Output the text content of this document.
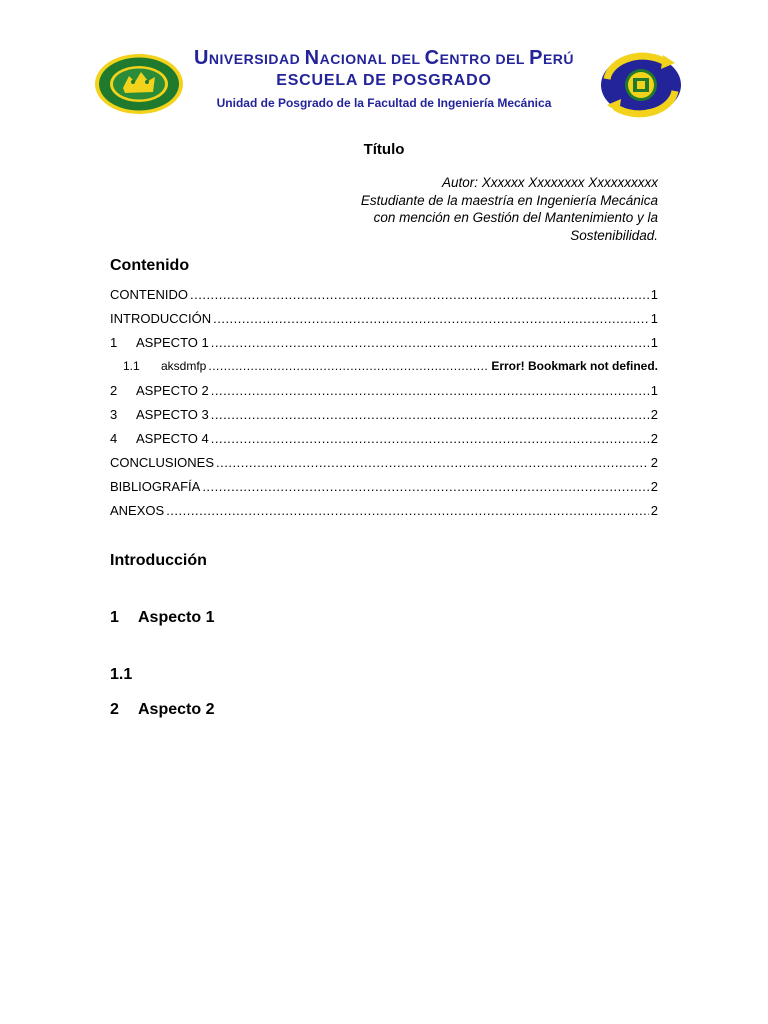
UNIVERSIDAD NACIONAL DEL CENTRO DEL PERÚ
ESCUELA DE POSGRADO
Unidad de Posgrado de la Facultad de Ingeniería Mecánica
Título
Autor: Xxxxxx Xxxxxxxx Xxxxxxxxxx
Estudiante de la maestría en Ingeniería Mecánica
con mención en Gestión del Mantenimiento y la
Sostenibilidad.
Contenido
CONTENIDO .....	1
INTRODUCCIÓN .....	1
1	ASPECTO 1 .....	1
1.1	aksdmfp .....	Error! Bookmark not defined.
2	ASPECTO 2 .....	1
3	ASPECTO 3 .....	2
4	ASPECTO 4 .....	2
CONCLUSIONES .....	2
BIBLIOGRAFÍA .....	2
ANEXOS .....	2
Introducción
1 Aspecto 1
1.1
2 Aspecto 2
